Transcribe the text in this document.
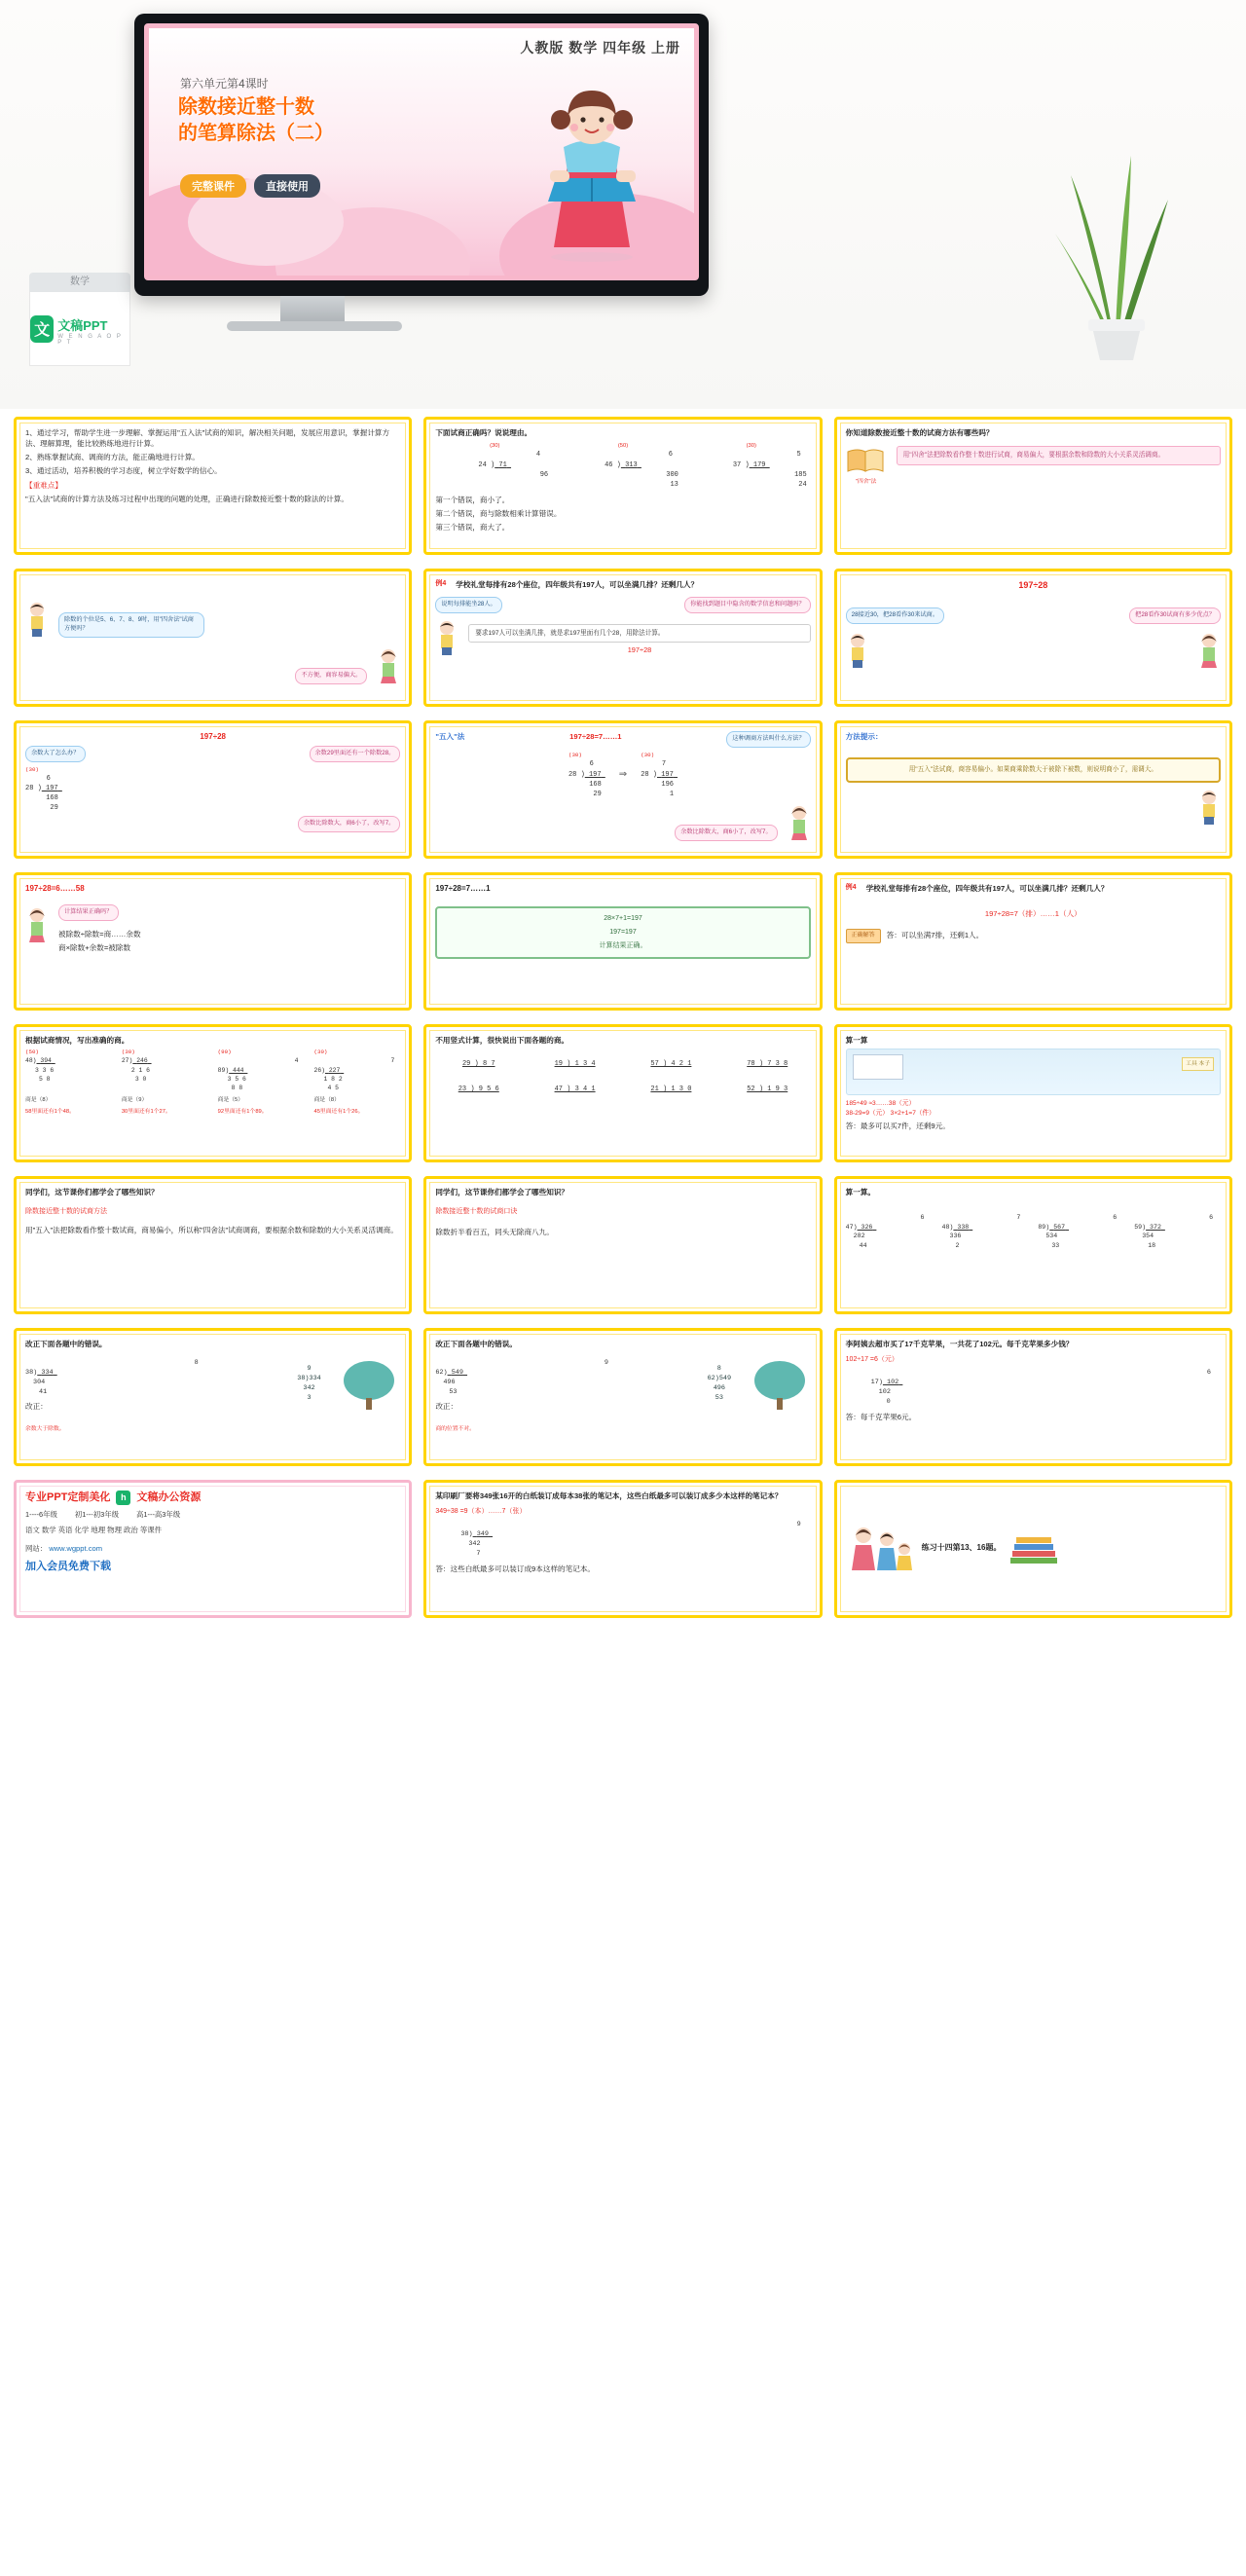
数学
文 文稿PPT
W E N G A O P P T
人教版 数学 四年级 上册
第六单元第4课时
除数接近整十数
的笔算除法（二）
完整课件	直接使用
1、通过学习，帮助学生进一步理解、掌握运用"五入法"试商的知识，解决相关问题，发展应用意识，掌握计算方法、理解算理，能比较熟练地进行计算。
2、熟练掌握试商、调商的方法，能正确地进行计算。
3、通过活动，培养积极的学习态度，树立学好数学的信心。
【重难点】
"五入法"试商的计算方法及练习过程中出现的问题的处理，正确进行除数接近整十数的除法的计算。
下面试商正确吗？说说理由。
(30)
4
24 ) 71
96
(50)
6
46 ) 313
300
13
(30)
5
37 ) 179
185
24
第一个错误，商小了。
第二个错误，商与除数相乘计算错误。
第三个错误，商大了。
你知道除数接近整十数的试商方法有哪些吗？
"四舍"法
用"四舍"法把除数看作整十数进行试商，商易偏大，要根据余数和除数的大小关系灵活调商。
除数的个位是5、6、7、8、9时，用"四舍法"试商方便吗？
不方便，商容易偏大。
例4 学校礼堂每排有28个座位，四年级共有197人，可以坐满几排？还剩几人？
说明每排能坐28人。	你能找到题目中隐含的数学信息和问题吗？
要求197人可以坐满几排，就是求197里面有几个28，用除法计算。
197÷28
197÷28
28接近30，把28看作30来试商。	把28看作30试商有多少优点？
197÷28
余数大了怎么办？	余数29里面还有一个除数28。
(30)
6
28 ) 197
168
29
余数比除数大，商6小了，改写7。
"五入"法	197÷28=7……1	这种调商方法叫什么方法？
(30)
6
28 ) 197
168
29
⇒
(30)
7
28 ) 197
196
1
余数比除数大，商6小了，改写7。
方法提示：
用"五入"法试商，商容易偏小。如果商乘除数大于被除下被数，则说明商小了，需调大。
197÷28=6……58
计算结果正确吗？
被除数÷除数=商……余数
商×除数+余数=被除数
197÷28=7……1
28×7+1=197
197=197
计算结果正确。
例4 学校礼堂每排有28个座位，四年级共有197人，可以坐满几排？还剩几人？
197÷28=7（排）……1（人）
正确解答	答：可以坐满7排，还剩1人。
根据试商情况，写出准确的商。
(50)
48) 394
3 3 6
5 8
(30)
27) 246
2 1 6
3 0
(90)
4
89) 444
3 5 6
8 8
(30)
7
26) 227
1 8 2
4 5
商是（8）	商是（9）	商是（5）	商是（8）
58里面还有1个48。	30里面还有1个27。	92里面还有1个89。	45里面还有1个26。
不用竖式计算，很快说出下面各题的商。
29 ) 8 7	19 ) 1 3 4	57 ) 4 2 1	78 ) 7 3 8
23 ) 9 5 6	47 ) 3 4 1	21 ) 1 3 0	52 ) 1 9 3
算一算
工具 本子
185÷49 ≈3……38（元）
38-29=9（元） 3×2+1=7（件）
答：最多可以买7件，还剩9元。
同学们，这节课你们都学会了哪些知识？
除数接近整十数的试商方法
用"五入"法把除数看作整十数试商，商易偏小，所以称"四舍法"试商调商，要根据余数和除数的大小关系灵活调商。
同学们，这节课你们都学会了哪些知识？
除数接近整十数的试商口诀
除数折半看百五，同头无除商八九。
算一算。
6
47) 326
282
44
7
48) 338
336
2
6
89) 567
534
33
6
59) 372
354
18
改正下面各题中的错误。
8
38) 334
304
41
改正：
余数大于除数。
9
38)334
342
3
改正下面各题中的错误。
9
62) 549
496
53
改正：
商的位置不对。
8
62)549
496
53
李阿姨去超市买了17千克苹果，一共花了102元。每千克苹果多少钱？
102÷17 =6（元）
6
17) 102
102
0
答：每千克苹果6元。
专业PPT定制美化	h 文稿办公资源
1----6年级 初1---初3年级 高1---高3年级
语文 数学 英语 化学 地理 物理 政治 等课件
网站： www.wgppt.com
加入会员免费下载
某印刷厂要将349张16开的白纸装订成每本38张的笔记本，这些白纸最多可以装订成多少本这样的笔记本？
349÷38 =9（本）……7（张）
9
38) 349
342
7
答：这些白纸最多可以装订成9本这样的笔记本。
练习十四第13、16题。
